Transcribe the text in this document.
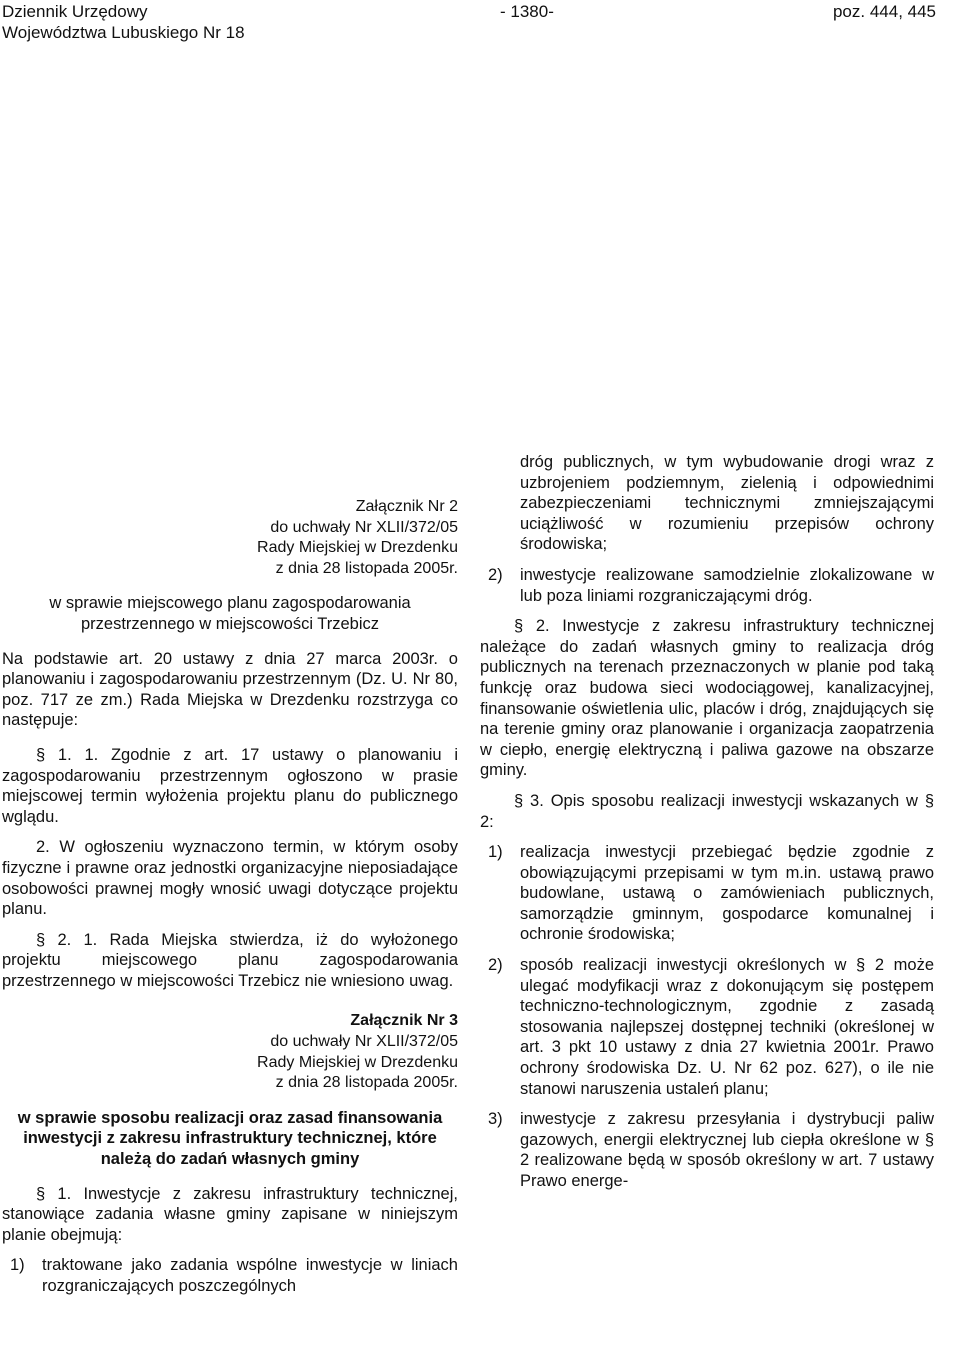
Dziennik Urzędowy
Województwa Lubuskiego Nr 18
- 1380-	poz. 444, 445
Załącznik Nr 2
do uchwały Nr XLII/372/05
Rady Miejskiej w Drezdenku
z dnia 28 listopada 2005r.
w sprawie miejscowego planu zagospodarowania
przestrzennego w miejscowości Trzebicz

Na podstawie art. 20 ustawy z dnia 27 marca 2003r. o planowaniu i zagospodarowaniu przestrzennym (Dz. U. Nr 80, poz. 717 ze zm.) Rada Miejska w Drezdenku rozstrzyga co następuje:

§ 1. 1. Zgodnie z art. 17 ustawy o planowaniu i zagospodarowaniu przestrzennym ogłoszono w prasie miejscowej termin wyłożenia projektu planu do publicznego wglądu.

2. W ogłoszeniu wyznaczono termin, w którym osoby fizyczne i prawne oraz jednostki organizacyjne nieposiadające osobowości prawnej mogły wnosić uwagi dotyczące projektu planu.

§ 2. 1. Rada Miejska stwierdza, iż do wyłożonego projektu miejscowego planu zagospodarowania przestrzennego w miejscowości Trzebicz nie wniesiono uwag.

Załącznik Nr 3
do uchwały Nr XLII/372/05
Rady Miejskiej w Drezdenku
z dnia 28 listopada 2005r.
w sprawie sposobu realizacji oraz zasad finansowania inwestycji z zakresu infrastruktury technicznej, które należą do zadań własnych gminy

§ 1. Inwestycje z zakresu infrastruktury technicznej, stanowiące zadania własne gminy zapisane w niniejszym planie obejmują:

1)	traktowane jako zadania wspólne inwestycje w liniach rozgraniczających poszczególnych
dróg publicznych, w tym wybudowanie drogi wraz z uzbrojeniem podziemnym, zielenią i odpowiednimi zabezpieczeniami technicznymi zmniejszającymi uciążliwość w rozumieniu przepisów ochrony środowiska;
2)	inwestycje realizowane samodzielnie zlokalizowane w lub poza liniami rozgraniczającymi dróg.

§ 2. Inwestycje z zakresu infrastruktury technicznej należące do zadań własnych gminy to realizacja dróg publicznych na terenach przeznaczonych w planie pod taką funkcję oraz budowa sieci wodociągowej, kanalizacyjnej, finansowanie oświetlenia ulic, placów i dróg, znajdujących się na terenie gminy oraz planowanie i organizacja zaopatrzenia w ciepło, energię elektryczną i paliwa gazowe na obszarze gminy.

§ 3. Opis sposobu realizacji inwestycji wskazanych w § 2:

1)	realizacja inwestycji przebiegać będzie zgodnie z obowiązującymi przepisami w tym m.in. ustawą prawo budowlane, ustawą o zamówieniach publicznych, samorządzie gminnym, gospodarce komunalnej i ochronie środowiska;
2)	sposób realizacji inwestycji określonych w § 2 może ulegać modyfikacji wraz z dokonującym się postępem techniczno-technologicznym, zgodnie z zasadą stosowania najlepszej dostępnej techniki (określonej w art. 3 pkt 10 ustawy z dnia 27 kwietnia 2001r. Prawo ochrony środowiska Dz. U. Nr 62 poz. 627), o ile nie stanowi naruszenia ustaleń planu;
3)	inwestycje z zakresu przesyłania i dystrybucji paliw gazowych, energii elektrycznej lub ciepła określone w § 2 realizowane będą w sposób określony w art. 7 ustawy Prawo energe-
